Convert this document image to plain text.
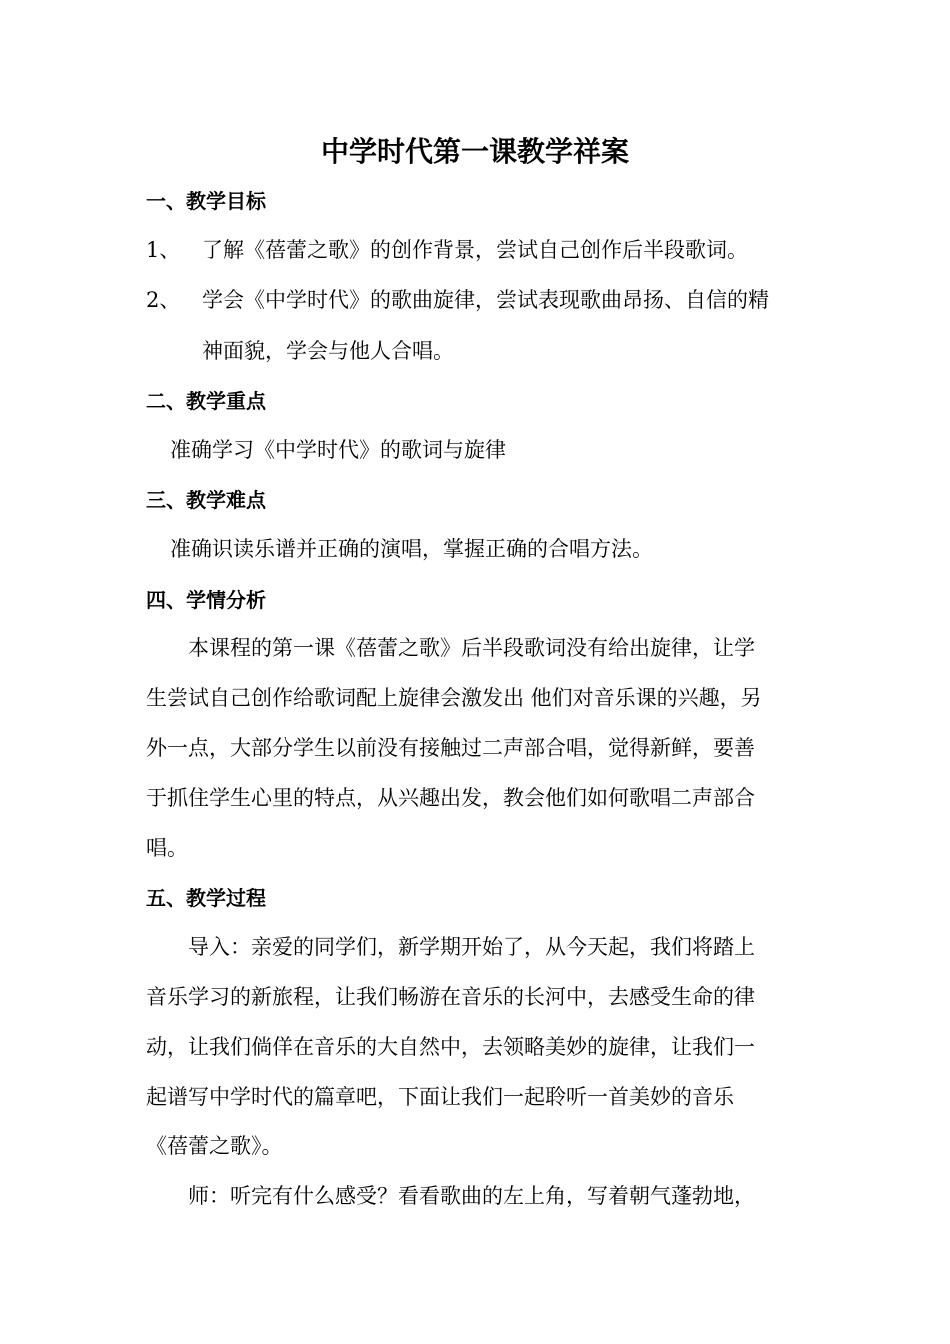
中学时代第一课教学祥案
一、教学目标
1、 了解《蓓蕾之歌》的创作背景，尝试自己创作后半段歌词。
2、 学会《中学时代》的歌曲旋律，尝试表现歌曲昂扬、自信的精
神面貌，学会与他人合唱。
二、教学重点
准确学习《中学时代》的歌词与旋律
三、教学难点
准确识读乐谱并正确的演唱，掌握正确的合唱方法。
四、学情分析
本课程的第一课《蓓蕾之歌》后半段歌词没有给出旋律，让学
生尝试自己创作给歌词配上旋律会激发出 他们对音乐课的兴趣，另
外一点，大部分学生以前没有接触过二声部合唱，觉得新鲜，要善
于抓住学生心里的特点，从兴趣出发，教会他们如何歌唱二声部合
唱。
五、教学过程
导入：亲爱的同学们，新学期开始了，从今天起，我们将踏上
音乐学习的新旅程，让我们畅游在音乐的长河中，去感受生命的律
动，让我们倘佯在音乐的大自然中，去领略美妙的旋律，让我们一
起谱写中学时代的篇章吧，下面让我们一起聆听一首美妙的音乐
《蓓蕾之歌》。
师：听完有什么感受？看看歌曲的左上角，写着朝气蓬勃地，
